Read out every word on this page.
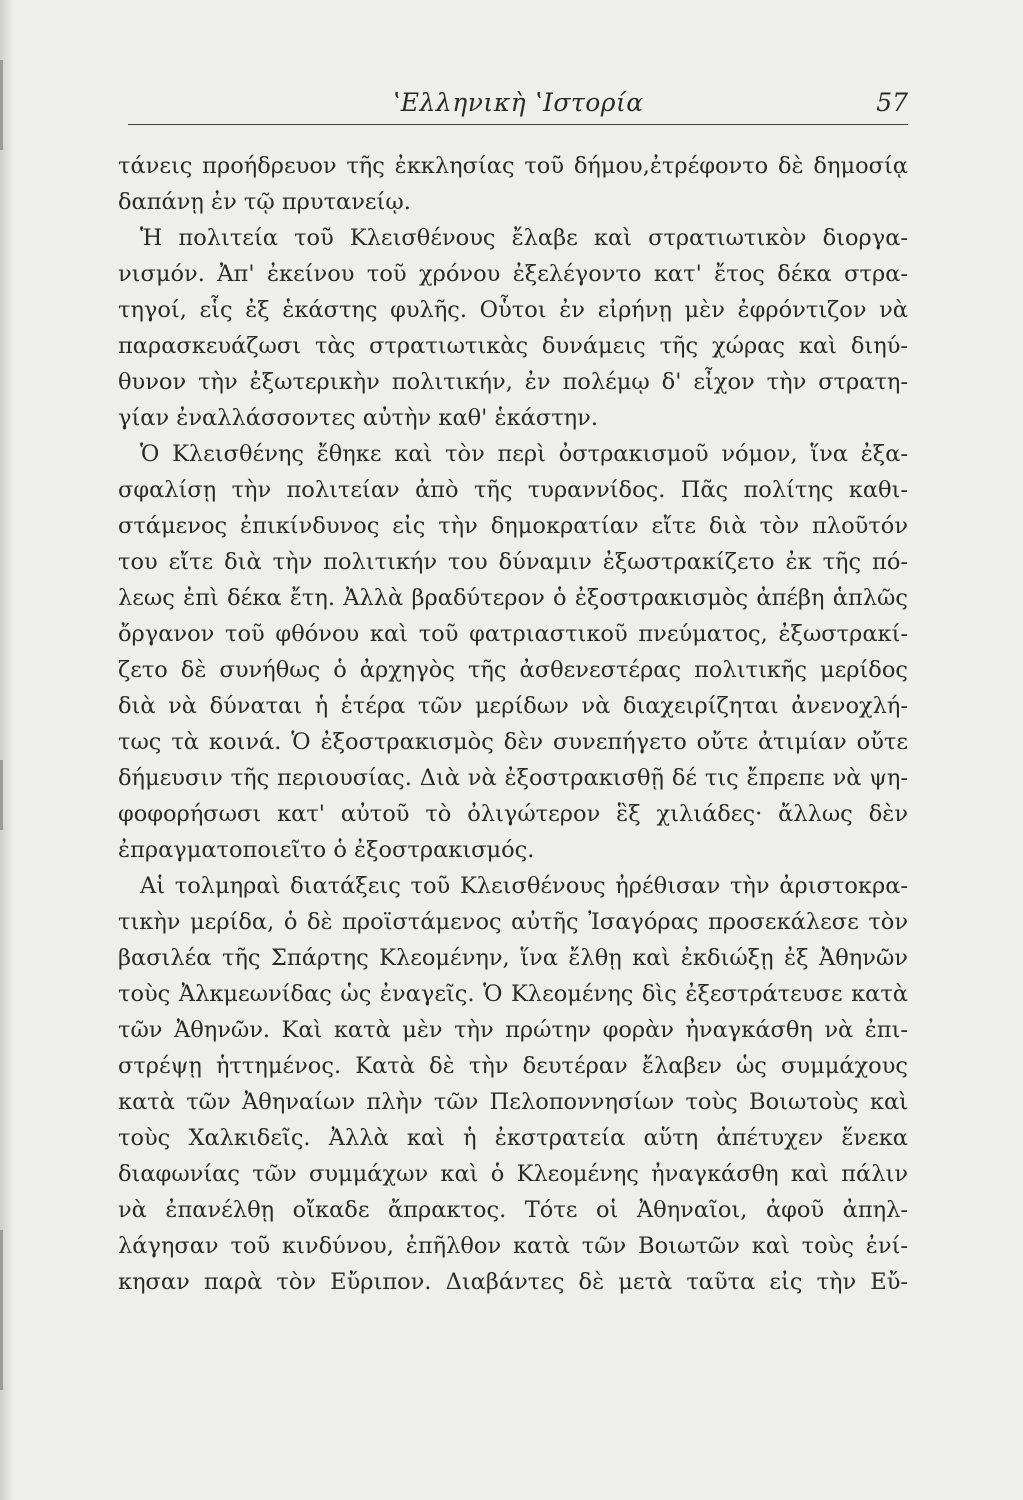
ʽΕλληνικὴ ʽΙστορία	57
τάνεις προήδρευον τῆς ἐκκλησίας τοῦ δήμου,ἐτρέφοντο δὲ δημοσίᾳ
δαπάνῃ ἐν τῷ πρυτανείῳ.
Ἡ πολιτεία τοῦ Κλεισθένους ἔλαβε καὶ στρατιωτικὸν διοργα-
νισμόν. Ἀπ' ἐκείνου τοῦ χρόνου ἐξελέγοντο κατ' ἔτος δέκα στρα-
τηγοί, εἷς ἐξ ἑκάστης φυλῆς. Οὗτοι ἐν εἰρήνῃ μὲν ἐφρόντιζον νὰ
παρασκευάζωσι τὰς στρατιωτικὰς δυνάμεις τῆς χώρας καὶ διηύ-
θυνον τὴν ἐξωτερικὴν πολιτικήν, ἐν πολέμῳ δ' εἶχον τὴν στρατη-
γίαν ἐναλλάσσοντες αὐτὴν καθ' ἑκάστην.
Ὁ Κλεισθένης ἔθηκε καὶ τὸν περὶ ὀστρακισμοῦ νόμον, ἵνα ἐξα-
σφαλίσῃ τὴν πολιτείαν ἀπὸ τῆς τυραννίδος. Πᾶς πολίτης καθι-
στάμενος ἐπικίνδυνος εἰς τὴν δημοκρατίαν εἴτε διὰ τὸν πλοῦτόν
του εἴτε διὰ τὴν πολιτικήν του δύναμιν ἐξωστρακίζετο ἐκ τῆς πό-
λεως ἐπὶ δέκα ἔτη. Ἀλλὰ βραδύτερον ὁ ἐξοστρακισμὸς ἀπέβη ἁπλῶς
ὄργανον τοῦ φθόνου καὶ τοῦ φατριαστικοῦ πνεύματος, ἐξωστρακί-
ζετο δὲ συνήθως ὁ ἀρχηγὸς τῆς ἀσθενεστέρας πολιτικῆς μερίδος
διὰ νὰ δύναται ἡ ἑτέρα τῶν μερίδων νὰ διαχειρίζηται ἀνενοχλή-
τως τὰ κοινά. Ὁ ἐξοστρακισμὸς δὲν συνεπήγετο οὔτε ἀτιμίαν οὔτε
δήμευσιν τῆς περιουσίας. Διὰ νὰ ἐξοστρακισθῇ δέ τις ἔπρεπε νὰ ψη-
φοφορήσωσι κατ' αὐτοῦ τὸ ὀλιγώτερον ἓξ χιλιάδες· ἄλλως δὲν
ἐπραγματοποιεῖτο ὁ ἐξοστρακισμός.
Αἱ τολμηραὶ διατάξεις τοῦ Κλεισθένους ἠρέθισαν τὴν ἀριστοκρα-
τικὴν μερίδα, ὁ δὲ προϊστάμενος αὐτῆς Ἰσαγόρας προσεκάλεσε τὸν
βασιλέα τῆς Σπάρτης Κλεομένην, ἵνα ἔλθῃ καὶ ἐκδιώξῃ ἐξ Ἀθηνῶν
τοὺς Ἀλκμεωνίδας ὡς ἐναγεῖς. Ὁ Κλεομένης δὶς ἐξεστράτευσε κατὰ
τῶν Ἀθηνῶν. Καὶ κατὰ μὲν τὴν πρώτην φορὰν ἠναγκάσθη νὰ ἐπι-
στρέψῃ ἡττημένος. Κατὰ δὲ τὴν δευτέραν ἔλαβεν ὡς συμμάχους
κατὰ τῶν Ἀθηναίων πλὴν τῶν Πελοποννησίων τοὺς Βοιωτοὺς καὶ
τοὺς Χαλκιδεῖς. Ἀλλὰ καὶ ἡ ἐκστρατεία αὕτη ἀπέτυχεν ἕνεκα
διαφωνίας τῶν συμμάχων καὶ ὁ Κλεομένης ἠναγκάσθη καὶ πάλιν
νὰ ἐπανέλθῃ οἴκαδε ἄπρακτος. Τότε οἱ Ἀθηναῖοι, ἀφοῦ ἀπηλ-
λάγησαν τοῦ κινδύνου, ἐπῆλθον κατὰ τῶν Βοιωτῶν καὶ τοὺς ἐνί-
κησαν παρὰ τὸν Εὔριπον. Διαβάντες δὲ μετὰ ταῦτα εἰς τὴν Εὔ-
